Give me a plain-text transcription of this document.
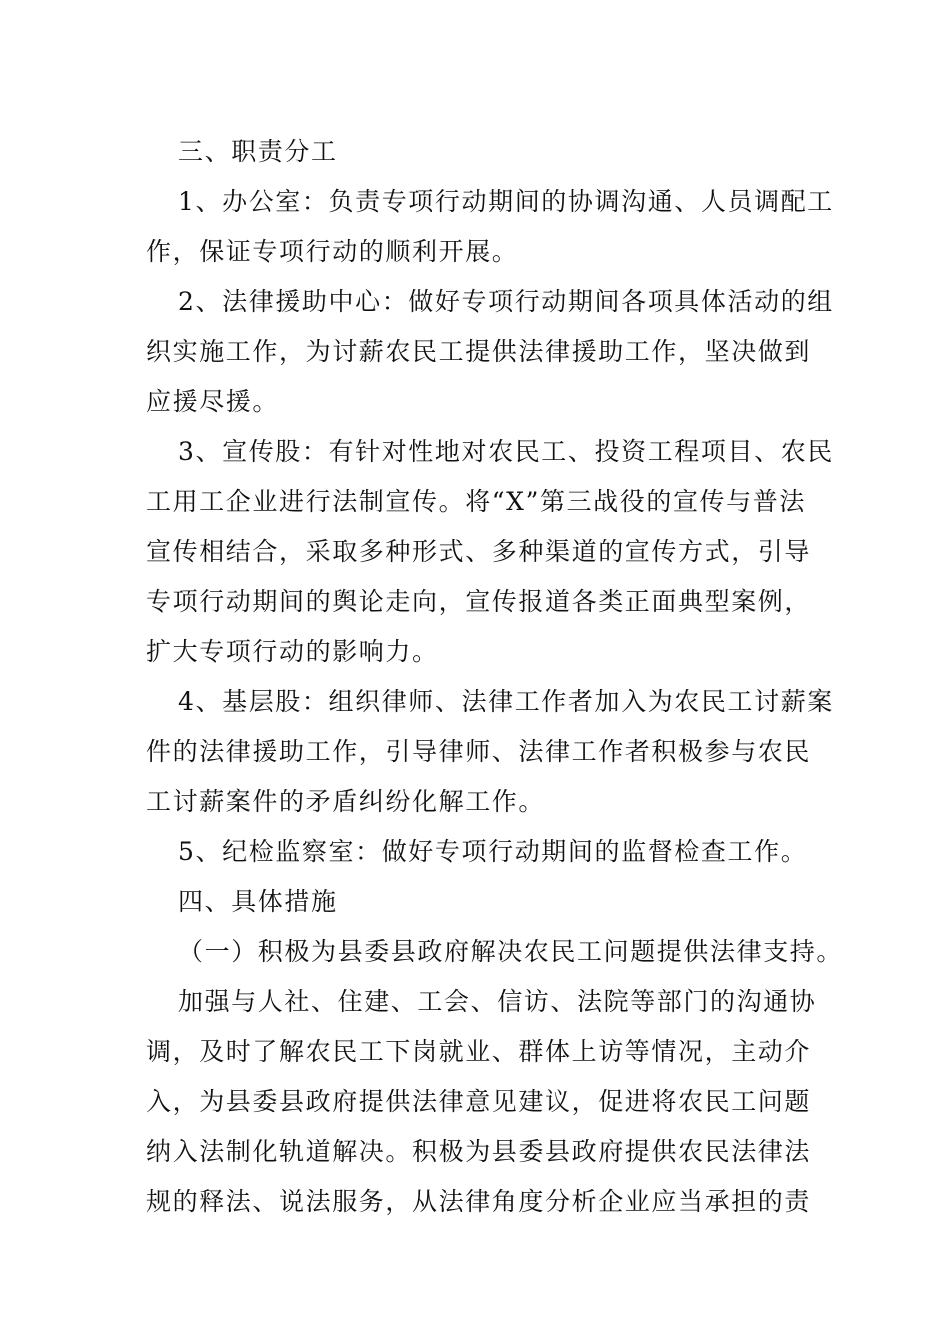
三、职责分工
1、办公室：负责专项行动期间的协调沟通、人员调配工
作，保证专项行动的顺利开展。
2、法律援助中心：做好专项行动期间各项具体活动的组
织实施工作，为讨薪农民工提供法律援助工作，坚决做到
应援尽援。
3、宣传股：有针对性地对农民工、投资工程项目、农民
工用工企业进行法制宣传。将“X”第三战役的宣传与普法
宣传相结合，采取多种形式、多种渠道的宣传方式，引导
专项行动期间的舆论走向，宣传报道各类正面典型案例，
扩大专项行动的影响力。
4、基层股：组织律师、法律工作者加入为农民工讨薪案
件的法律援助工作，引导律师、法律工作者积极参与农民
工讨薪案件的矛盾纠纷化解工作。
5、纪检监察室：做好专项行动期间的监督检查工作。
四、具体措施
（一）积极为县委县政府解决农民工问题提供法律支持。
加强与人社、住建、工会、信访、法院等部门的沟通协
调，及时了解农民工下岗就业、群体上访等情况，主动介
入，为县委县政府提供法律意见建议，促进将农民工问题
纳入法制化轨道解决。积极为县委县政府提供农民法律法
规的释法、说法服务，从法律角度分析企业应当承担的责
